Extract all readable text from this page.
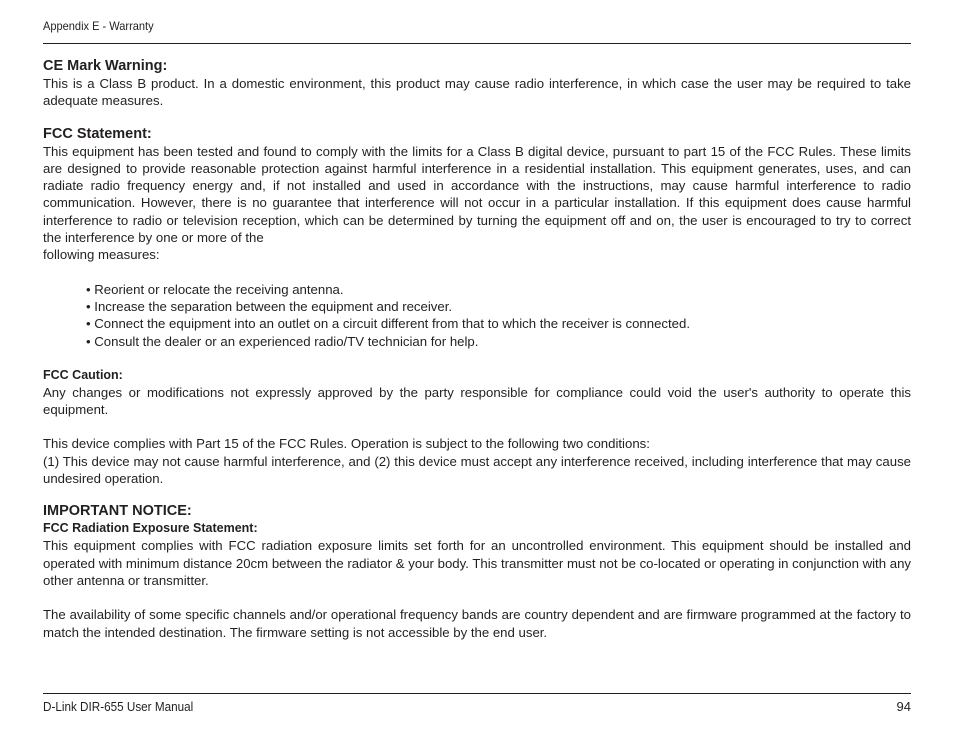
Appendix E - Warranty
CE Mark Warning:

This is a Class B product. In a domestic environment, this product may cause radio interference, in which case the user may be required to take adequate measures.

FCC Statement:

This equipment has been tested and found to comply with the limits for a Class B digital device, pursuant to part 15 of the FCC Rules. These limits are designed to provide reasonable protection against harmful interference in a residential installation. This equipment generates, uses, and can radiate radio frequency energy and, if not installed and used in accordance with the instructions, may cause harmful interference to radio communication. However, there is no guarantee that interference will not occur in a particular installation. If this equipment does cause harmful interference to radio or television reception, which can be determined by turning the equipment off and on, the user is encouraged to try to correct the interference by one or more of the

following measures:

• Reorient or relocate the receiving antenna.
• Increase the separation between the equipment and receiver.
• Connect the equipment into an outlet on a circuit different from that to which the receiver is connected.
• Consult the dealer or an experienced radio/TV technician for help.
FCC Caution:

Any changes or modifications not expressly approved by the party responsible for compliance could void the user's authority to operate this equipment.

This device complies with Part 15 of the FCC Rules. Operation is subject to the following two conditions:

(1) This device may not cause harmful interference, and (2) this device must accept any interference received, including interference that may cause undesired operation.

IMPORTANT NOTICE:
FCC Radiation Exposure Statement:

This equipment complies with FCC radiation exposure limits set forth for an uncontrolled environment. This equipment should be installed and operated with minimum distance 20cm between the radiator & your body. This transmitter must not be co-located or operating in conjunction with any other antenna or transmitter.

The availability of some specific channels and/or operational frequency bands are country dependent and are firmware programmed at the factory to match the intended destination. The firmware setting is not accessible by the end user.

D-Link DIR-655 User Manual	94
